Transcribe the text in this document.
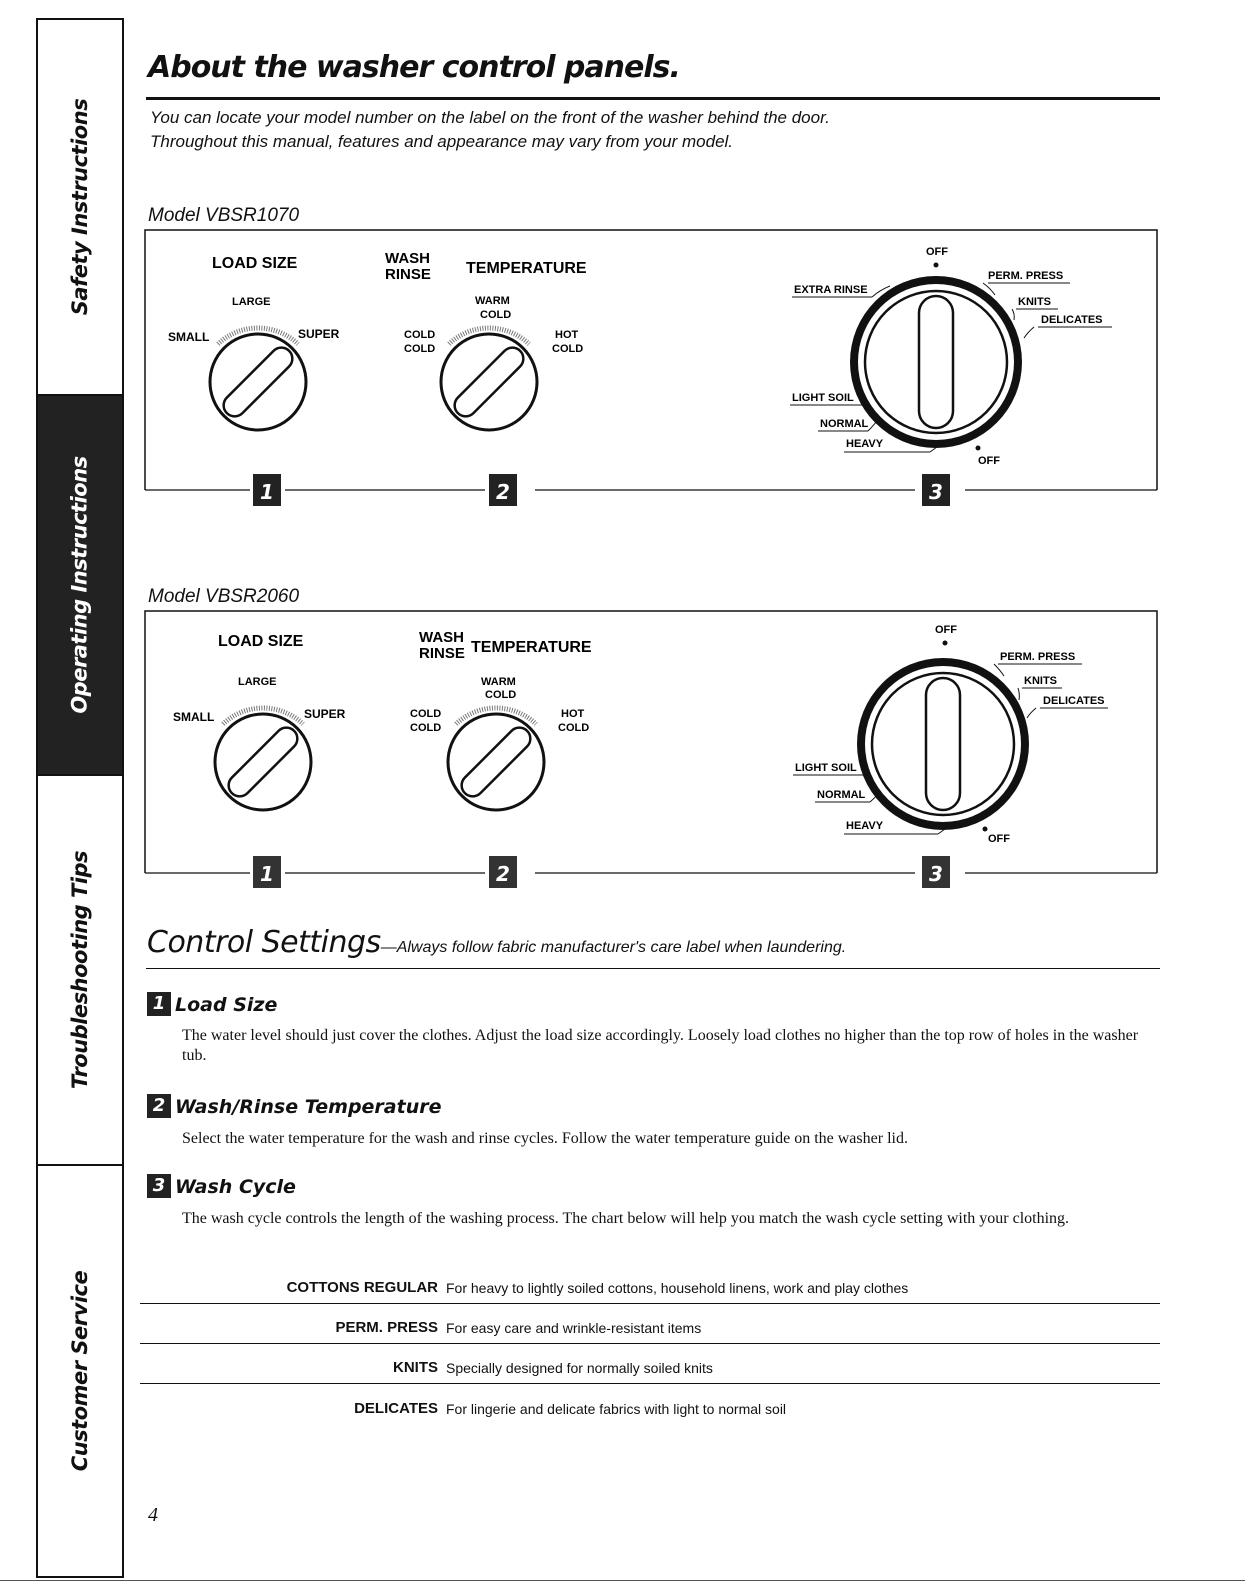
Safety Instructions
Operating Instructions
Troubleshooting Tips
Customer Service
About the washer control panels.
You can locate your model number on the label on the front of the washer behind the door.
Throughout this manual, features and appearance may vary from your model.
Model VBSR1070
Model VBSR2060
LOAD SIZE
LARGE
SMALL	SUPER
WASH
RINSE TEMPERATURE
WARM
COLD
COLD
COLD
HOT
COLD
OFF
EXTRA RINSE
PERM. PRESS
KNITS
DELICATES
LIGHT SOIL
NORMAL
HEAVY
OFF
1	2	3
LOAD SIZE
LARGE
SMALL	SUPER
WASH
RINSE TEMPERATURE
WARM
COLD
COLD
COLD
HOT
COLD
OFF
PERM. PRESS
KNITS
DELICATES
LIGHT SOIL
NORMAL
HEAVY
OFF
1	2	3
Control Settings—Always follow fabric manufacturer's care label when laundering.
1 Load Size
The water level should just cover the clothes. Adjust the load size accordingly. Loosely load clothes no higher than the top row of holes in the washer tub.
2 Wash/Rinse Temperature
Select the water temperature for the wash and rinse cycles. Follow the water temperature guide on the washer lid.
3 Wash Cycle
The wash cycle controls the length of the washing process. The chart below will help you match the wash cycle setting with your clothing.
COTTONS REGULAR For heavy to lightly soiled cottons, household linens, work and play clothes
PERM. PRESS For easy care and wrinkle-resistant items
KNITS Specially designed for normally soiled knits
DELICATES For lingerie and delicate fabrics with light to normal soil
4
